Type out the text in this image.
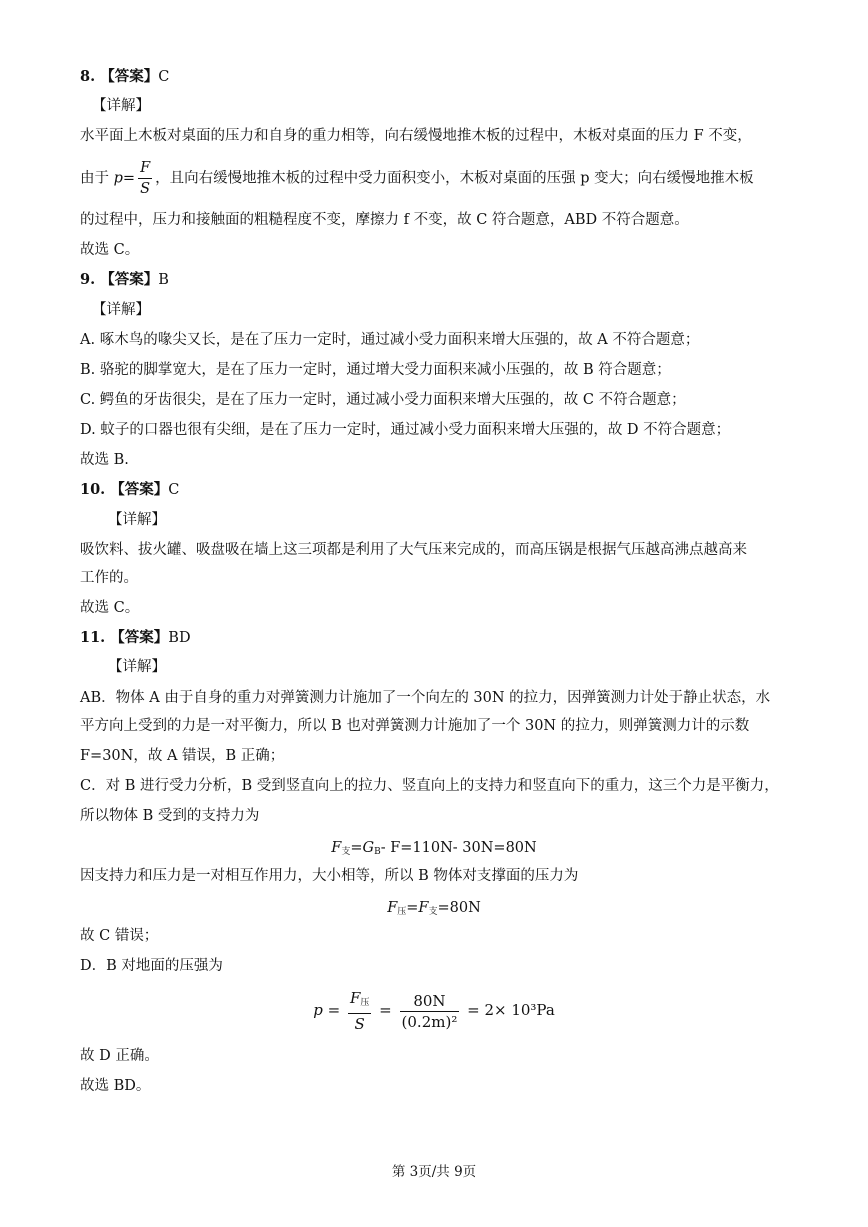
8. 【答案】C
【详解】
水平面上木板对桌面的压力和自身的重力相等，向右缓慢地推木板的过程中，木板对桌面的压力 F 不变，
由于 $p= \frac{F}{S}$ ，且向右缓慢地推木板的过程中受力面积变小，木板对桌面的压强 p 变大；向右缓慢地推木板
的过程中，压力和接触面的粗糙程度不变，摩擦力 f 不变，故 C 符合题意，ABD 不符合题意。
故选 C。
9. 【答案】B
【详解】
A. 啄木鸟的喙尖又长，是在了压力一定时，通过减小受力面积来增大压强的，故 A 不符合题意；
B. 骆驼的脚掌宽大，是在了压力一定时，通过增大受力面积来减小压强的，故 B 符合题意；
C. 鳄鱼的牙齿很尖，是在了压力一定时，通过减小受力面积来增大压强的，故 C 不符合题意；
D. 蚊子的口器也很有尖细，是在了压力一定时，通过减小受力面积来增大压强的，故 D 不符合题意；
故选 B.
10. 【答案】C
【详解】
吸饮料、拔火罐、吸盘吸在墙上这三项都是利用了大气压来完成的，而高压锅是根据气压越高沸点越高来
工作的。
故选 C。
11. 【答案】BD
【详解】
AB．物体 A 由于自身的重力对弹簧测力计施加了一个向左的 30N 的拉力，因弹簧测力计处于静止状态，水
平方向上受到的力是一对平衡力，所以 B 也对弹簧测力计施加了一个 30N 的拉力，则弹簧测力计的示数
F=30N，故 A 错误，B 正确；
C．对 B 进行受力分析，B 受到竖直向上的拉力、竖直向上的支持力和竖直向下的重力，这三个力是平衡力，
所以物体 B 受到的支持力为
$F_支=G_B-$ F=110N- 30N=80N
因支持力和压力是一对相互作用力，大小相等，所以 B 物体对支撑面的压力为
$F_压=F_支=80N$
故 C 错误；
D．B 对地面的压强为
$p = \frac{F_压}{S} = \frac{80N}{\text{(0.2m)²}} = 2\times 10^3Pa$
故 D 正确。
故选 BD。
第 3页/共 9页
